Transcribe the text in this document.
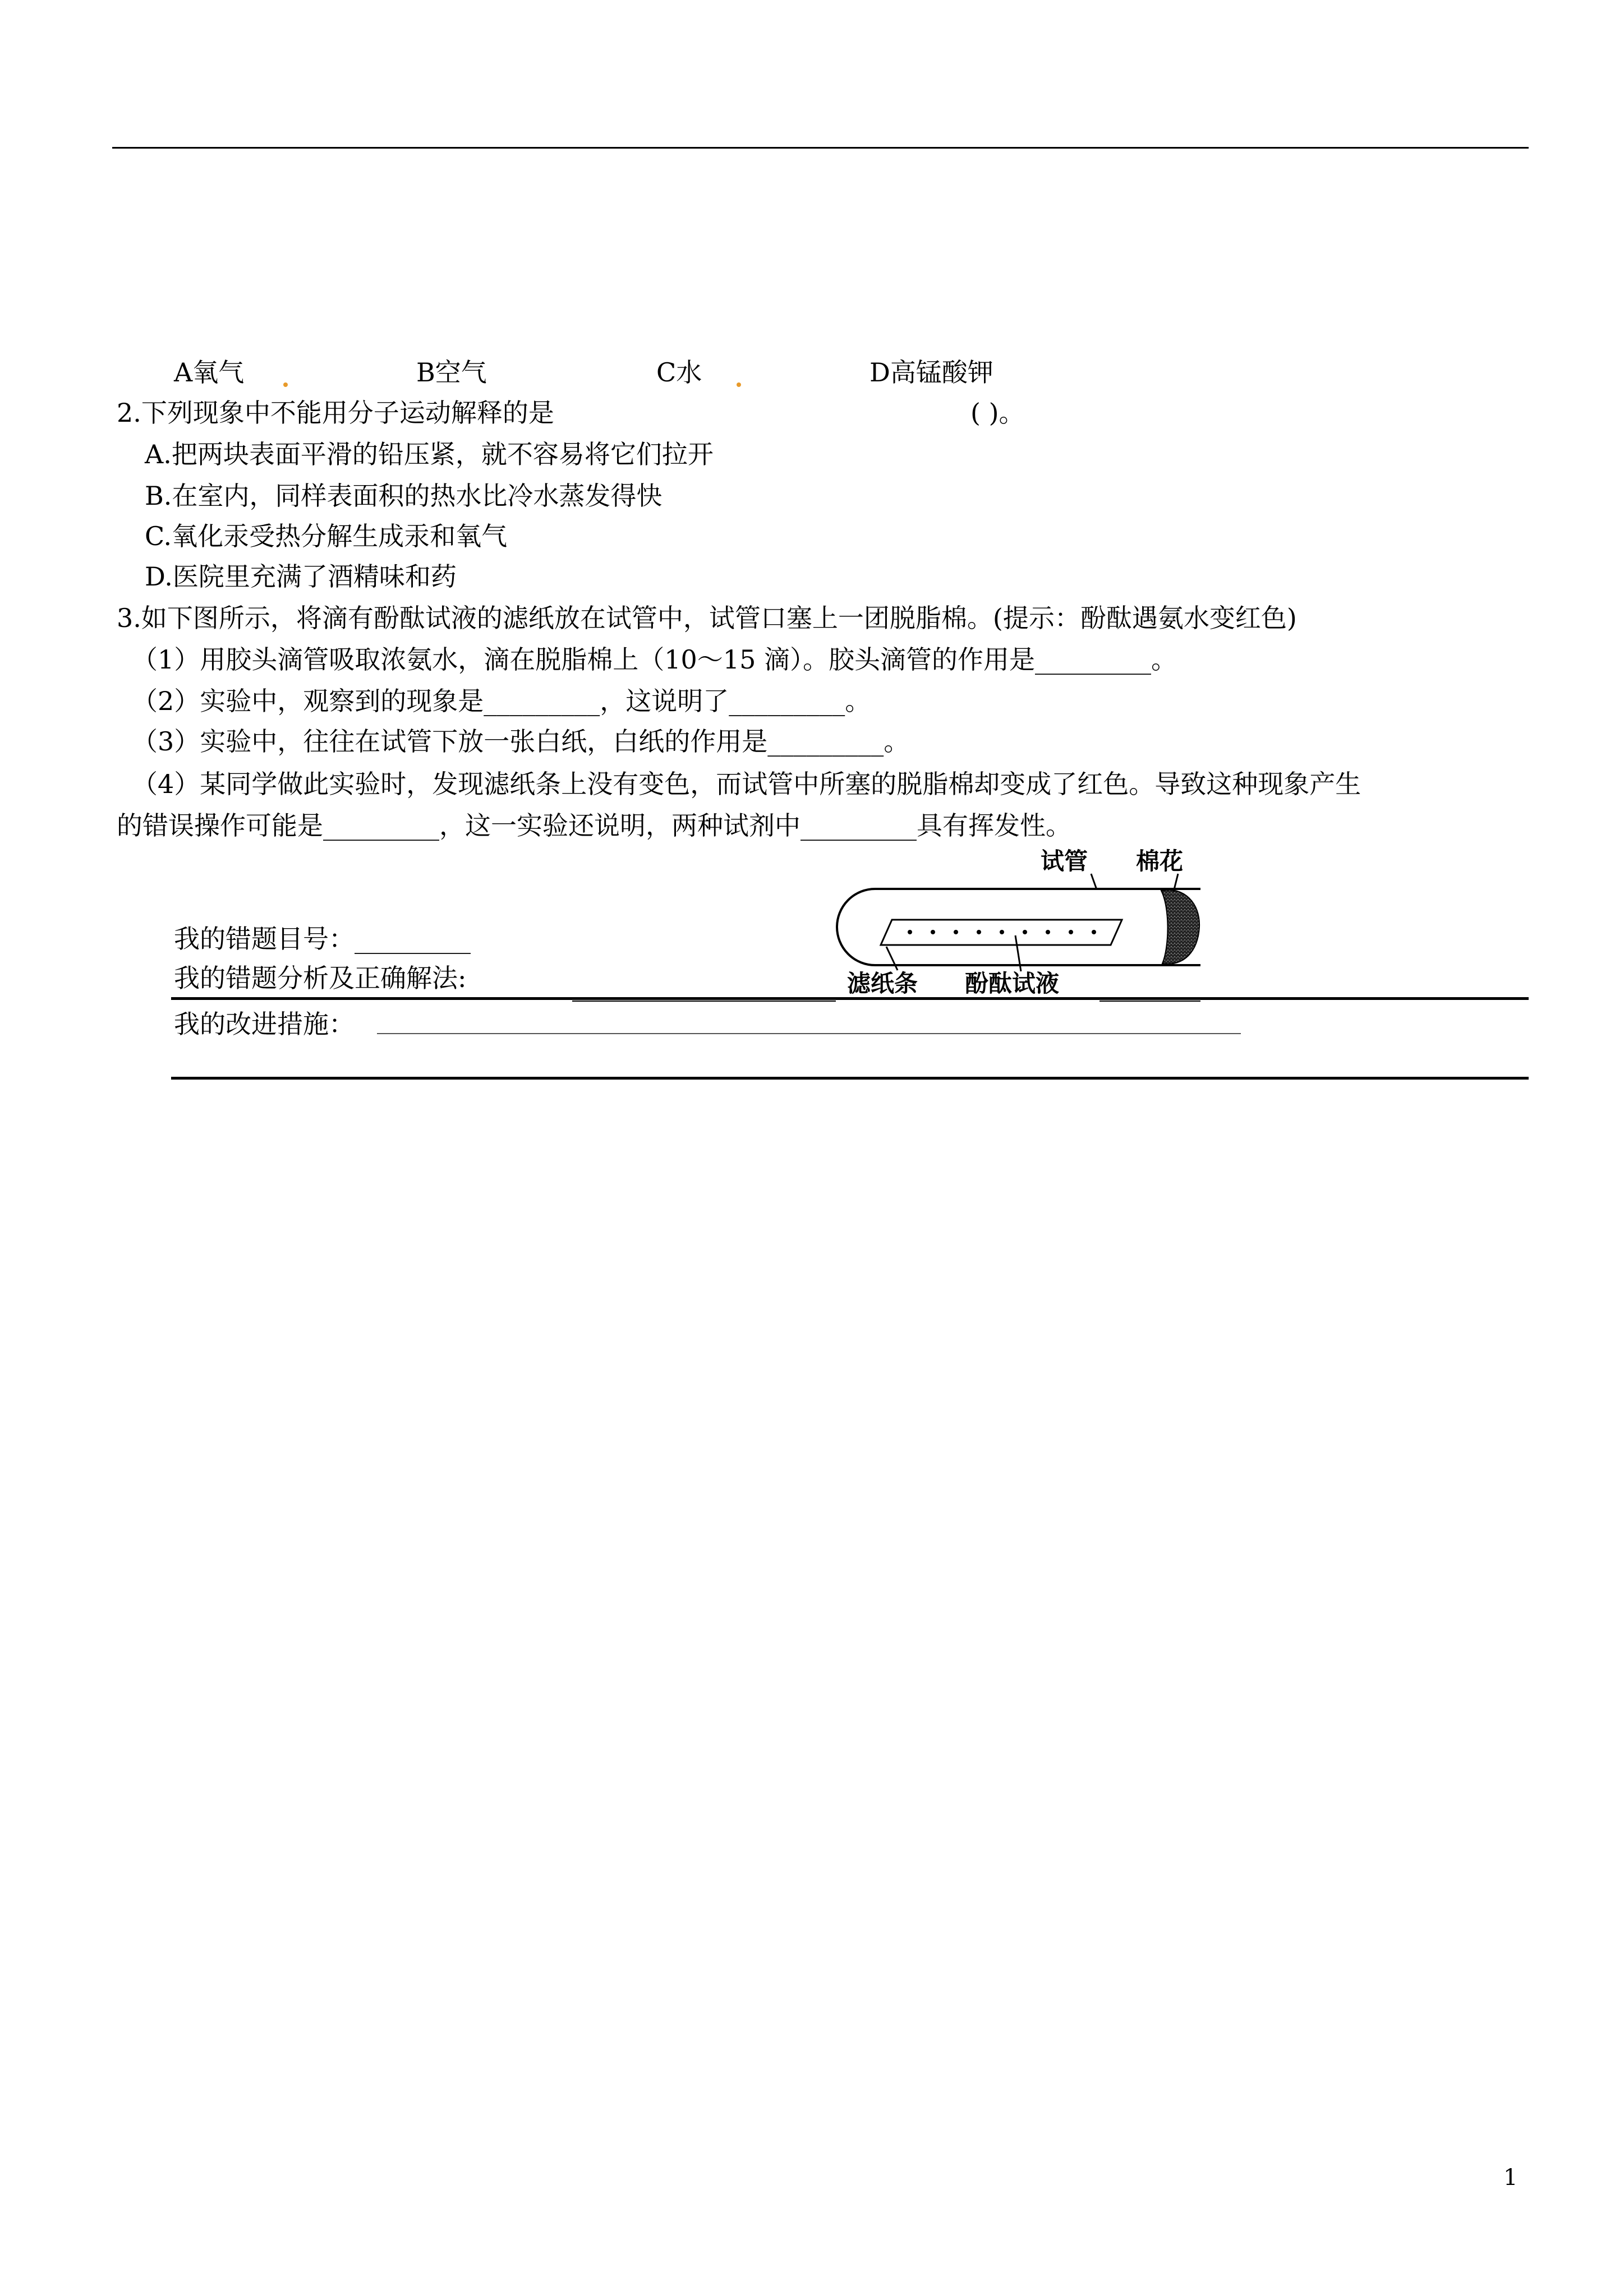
A氧气	B空气	C水	D高锰酸钾
2.下列现象中不能用分子运动解释的是	( )。
A.把两块表面平滑的铅压紧，就不容易将它们拉开
B.在室内，同样表面积的热水比冷水蒸发得快
C.氧化汞受热分解生成汞和氧气
D.医院里充满了酒精味和药
3.如下图所示，将滴有酚酞试液的滤纸放在试管中，试管口塞上一团脱脂棉。(提示：酚酞遇氨水变红色)
（1）用胶头滴管吸取浓氨水，滴在脱脂棉上（10～15 滴）。胶头滴管的作用是_________。
（2）实验中，观察到的现象是_________，这说明了_________。
（3）实验中，往往在试管下放一张白纸，白纸的作用是_________。
（4）某同学做此实验时，发现滤纸条上没有变色，而试管中所塞的脱脂棉却变成了红色。导致这种现象产生
的错误操作可能是_________，这一实验还说明，两种试剂中_________具有挥发性。
试管 棉花
滤纸条 酚酞试液
我的错题目号：_________
我的错题分析及正确解法:
我的改进措施：
1
